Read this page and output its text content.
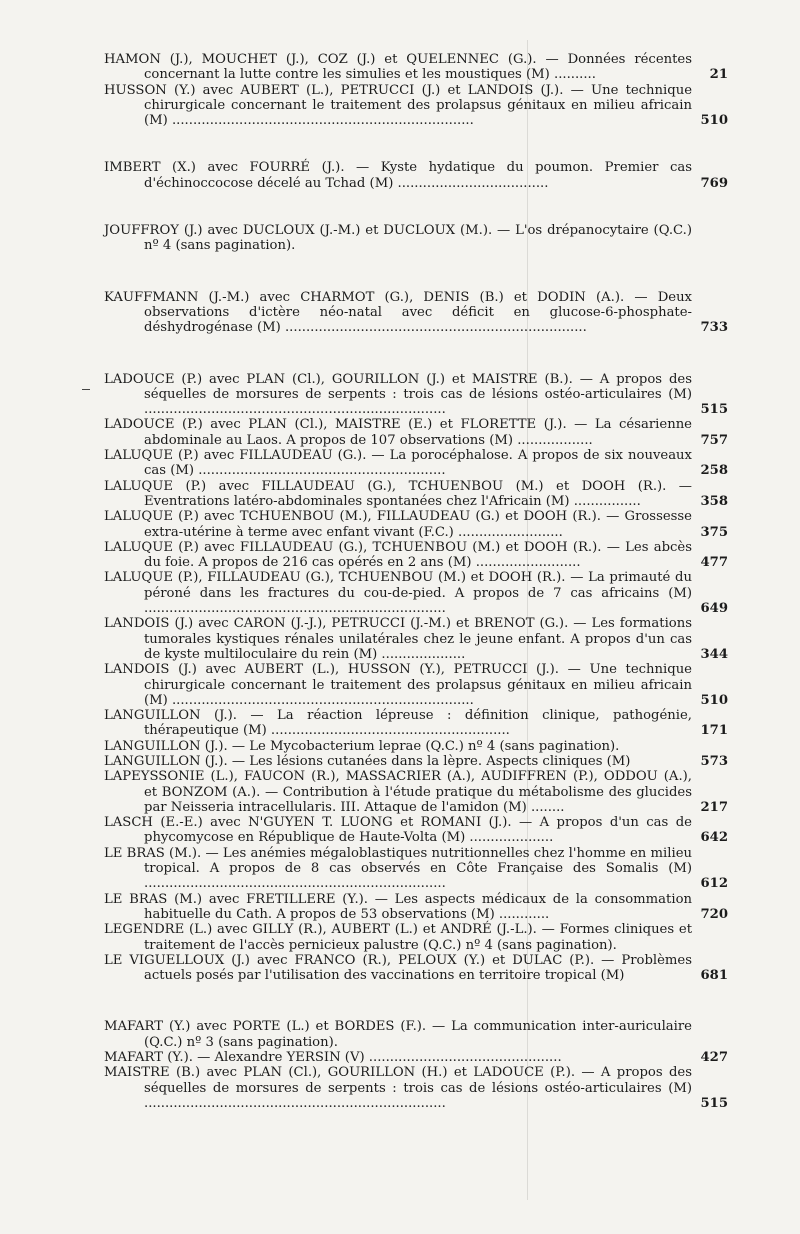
HAMON (J.), MOUCHET (J.), COZ (J.) et QUELENNEC (G.). — Données récentes concernant la lutte contre les simulies et les moustiques (M) ..........	21
HUSSON (Y.) avec AUBERT (L.), PETRUCCI (J.) et LANDOIS (J.). — Une technique chirurgicale concernant le traitement des prolapsus génitaux en milieu africain (M) ........................................................................	510
IMBERT (X.) avec FOURRÉ (J.). — Kyste hydatique du poumon. Premier cas d'échinoccocose décelé au Tchad (M) ....................................	769
JOUFFROY (J.) avec DUCLOUX (J.-M.) et DUCLOUX (M.). — L'os drépanocytaire (Q.C.) nº 4 (sans pagination).
KAUFFMANN (J.-M.) avec CHARMOT (G.), DENIS (B.) et DODIN (A.). — Deux observations d'ictère néo-natal avec déficit en glucose-6-phosphate-déshydrogénase (M) ........................................................................	733
LADOUCE (P.) avec PLAN (Cl.), GOURILLON (J.) et MAISTRE (B.). — A propos des séquelles de morsures de serpents : trois cas de lésions ostéo-articulaires (M) ........................................................................	515
LADOUCE (P.) avec PLAN (Cl.), MAISTRE (E.) et FLORETTE (J.). — La césarienne abdominale au Laos. A propos de 107 observations (M) ..................	757
LALUQUE (P.) avec FILLAUDEAU (G.). — La porocéphalose. A propos de six nouveaux cas (M) ...........................................................	258
LALUQUE (P.) avec FILLAUDEAU (G.), TCHUENBOU (M.) et DOOH (R.). — Eventrations latéro-abdominales spontanées chez l'Africain (M) ................	358
LALUQUE (P.) avec TCHUENBOU (M.), FILLAUDEAU (G.) et DOOH (R.). — Grossesse extra-utérine à terme avec enfant vivant (F.C.) .........................	375
LALUQUE (P.) avec FILLAUDEAU (G.), TCHUENBOU (M.) et DOOH (R.). — Les abcès du foie. A propos de 216 cas opérés en 2 ans (M) .........................	477
LALUQUE (P.), FILLAUDEAU (G.), TCHUENBOU (M.) et DOOH (R.). — La primauté du péroné dans les fractures du cou-de-pied. A propos de 7 cas africains (M) ........................................................................	649
LANDOIS (J.) avec CARON (J.-J.), PETRUCCI (J.-M.) et BRENOT (G.). — Les formations tumorales kystiques rénales unilatérales chez le jeune enfant. A propos d'un cas de kyste multiloculaire du rein (M) ....................	344
LANDOIS (J.) avec AUBERT (L.), HUSSON (Y.), PETRUCCI (J.). — Une technique chirurgicale concernant le traitement des prolapsus génitaux en milieu africain (M) ........................................................................	510
LANGUILLON (J.). — La réaction lépreuse : définition clinique, pathogénie, thérapeutique (M) .........................................................	171
LANGUILLON (J.). — Le Mycobacterium leprae (Q.C.) nº 4 (sans pagination).
LANGUILLON (J.). — Les lésions cutanées dans la lèpre. Aspects cliniques (M)	573
LAPEYSSONIE (L.), FAUCON (R.), MASSACRIER (A.), AUDIFFREN (P.), ODDOU (A.), et BONZOM (A.). — Contribution à l'étude pratique du métabolisme des glucides par Neisseria intracellularis. III. Attaque de l'amidon (M) ........	217
LASCH (E.-E.) avec N'GUYEN T. LUONG et ROMANI (J.). — A propos d'un cas de phycomycose en République de Haute-Volta (M) ....................	642
LE BRAS (M.). — Les anémies mégaloblastiques nutritionnelles chez l'homme en milieu tropical. A propos de 8 cas observés en Côte Française des Somalis (M) ........................................................................	612
LE BRAS (M.) avec FRETILLERE (Y.). — Les aspects médicaux de la consommation habituelle du Cath. A propos de 53 observations (M) ............	720
LEGENDRE (L.) avec GILLY (R.), AUBERT (L.) et ANDRÉ (J.-L.). — Formes cliniques et traitement de l'accès pernicieux palustre (Q.C.) nº 4 (sans pagination).
LE VIGUELLOUX (J.) avec FRANCO (R.), PELOUX (Y.) et DULAC (P.). — Problèmes actuels posés par l'utilisation des vaccinations en territoire tropical (M)	681
MAFART (Y.) avec PORTE (L.) et BORDES (F.). — La communication inter-auriculaire (Q.C.) nº 3 (sans pagination).
MAFART (Y.). — Alexandre YERSIN (V) ..............................................	427
MAISTRE (B.) avec PLAN (Cl.), GOURILLON (H.) et LADOUCE (P.). — A propos des séquelles de morsures de serpents : trois cas de lésions ostéo-articulaires (M) ........................................................................	515
